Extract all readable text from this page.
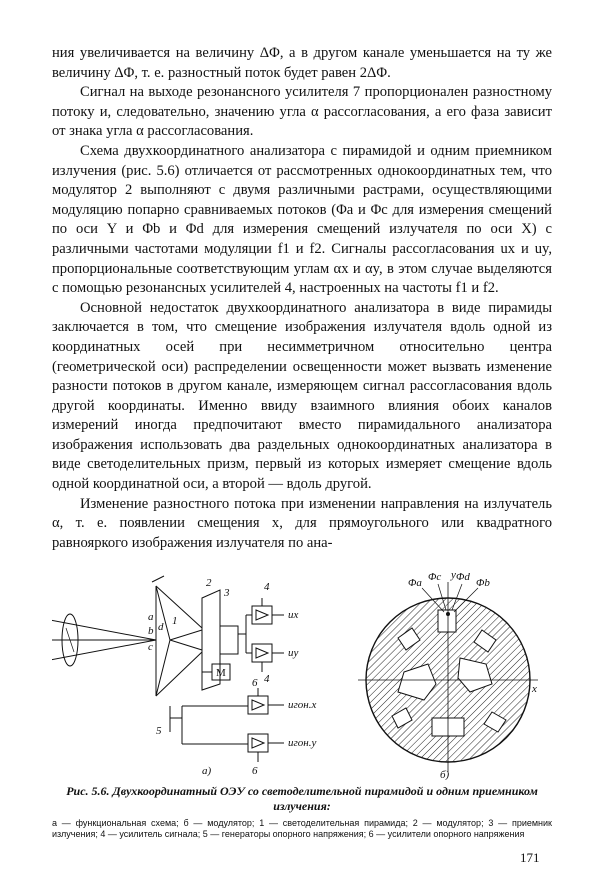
ния увеличивается на величину ΔΦ, а в другом канале уменьшается на ту же величину ΔΦ, т. е. разностный поток будет равен 2ΔΦ.

Сигнал на выходе резонансного усилителя 7 пропорционален разностному потоку и, следовательно, значению угла α рассогласования, а его фаза зависит от знака угла α рассогласования.

Схема двухкоординатного анализатора с пирамидой и одним приемником излучения (рис. 5.6) отличается от рассмотренных однокоординатных тем, что модулятор 2 выполняют с двумя различными растрами, осуществляющими модуляцию попарно сравниваемых потоков (Φa и Φc для измерения смещений по оси Y и Φb и Φd для измерения смещений излучателя по оси X) с различными частотами модуляции f1 и f2. Сигналы рассогласования ux и uy, пропорциональные соответствующим углам αx и αy, в этом случае выделяются с помощью резонансных усилителей 4, настроенных на частоты f1 и f2.

Основной недостаток двухкоординатного анализатора в виде пирамиды заключается в том, что смещение изображения излучателя вдоль одной из координатных осей при несимметричном относительно центра (геометрической оси) распределении освещенности может вызвать изменение разности потоков в другом канале, измеряющем сигнал рассогласования вдоль другой координаты. Именно ввиду взаимного влияния обоих каналов измерений иногда предпочитают вместо пирамидального анализатора изображения использовать два раздельных однокоординатных анализатора в виде светоделительных призм, первый из которых измеряет смещение вдоль одной координатной оси, а второй — вдоль другой.

Изменение разностного потока при изменении направления на излучатель α, т. е. появлении смещения x, для прямоугольного или квадратного равнояркого изображения излучателя по ана-

1
2
3	4
4
5
6
6
a
b
c
d
M
ux
uy
uгон.x
uгон.y
а)
Φa Φc Φd Φb
y
x
б)
Рис. 5.6. Двухкоординатный ОЭУ со светоделительной пирамидой и одним приемником излучения:
а — функциональная схема; б — модулятор; 1 — светоделительная пирамида; 2 — модулятор; 3 — приемник излучения; 4 — усилитель сигнала; 5 — генераторы опорного напряжения; 6 — усилители опорного напряжения
171
